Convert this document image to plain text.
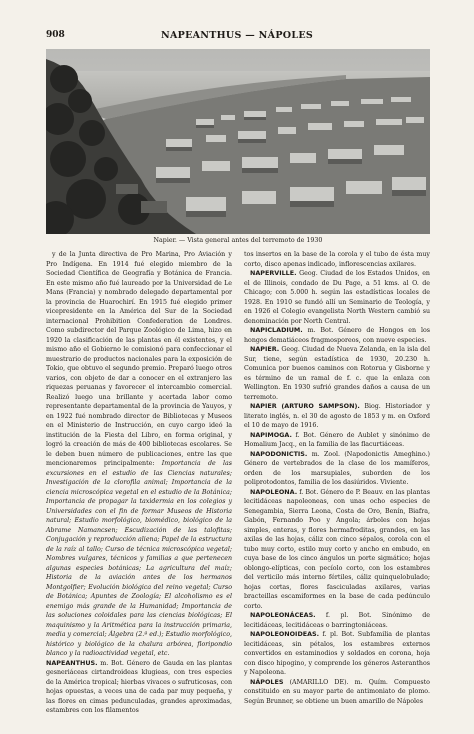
908	NAPEANTHUS — NÁPOLES
Napier. — Vista general antes del terremoto de 1930

y de la Junta directiva de Pro Marina, Pro Aviación y Pro Indígena. En 1914 fué elegido miembro de la Sociedad Científica de Geografía y Botánica de Francia. En este mismo año fué laureado por la Universidad de Le Mans (Francia) y nombrado delegado departamental por la provincia de Huarochirí. En 1915 fué elegido primer vicepresidente en la América del Sur de la Sociedad internacional Prohibition Confederation de Londres. Como subdirector del Parque Zoológico de Lima, hizo en 1920 la clasificación de las plantas en él existentes, y el mismo año el Gobierno le comisionó para confeccionar el muestrario de productos nacionales para la exposición de Tokio, que obtuvo el segundo premio. Preparó luego otros varios, con objeto de dar a conocer en el extranjero las riquezas peruanas y favorecer el intercambio comercial. Realizó luego una brillante y acertada labor como representante departamental de la provincia de Yauyos, y en 1922 fué nombrado director de Bibliotecas y Museos en el Ministerio de Instrucción, en cuyo cargo ideó la institución de la Fiesta del Libro, en forma original, y logró la creación de más de 400 bibliotecas escolares. Se le deben buen número de publicaciones, entre las que mencionaremos principalmente: Importancia de las excursiones en el estudio de las Ciencias naturales; Investigación de la clorofila animal; Importancia de la ciencia microscópica vegetal en el estudio de la Botánica; Importancia de propagar la taxidermia en los colegios y Universidades con el fin de formar Museos de Historia natural; Estudio morfológico, biomédico, biológico de la Abrame Namancsen; Escudización de las talofitas; Conjugación y reproducción aliena; Papel de la estructura de la raíz al tallo; Curso de técnica microscópica vegetal; Nombres vulgares, técnicos y familias a que pertenecen algunas especies botánicas; La agricultura del maíz; Historia de la aviación antes de los hermanos Montgolfier; Evolución biológica del reino vegetal; Curso de Botánica; Apuntes de Zoología; El alcoholismo es el enemigo más grande de la Humanidad; Importancia de las soluciones coloidales para las ciencias biológicas; El maquinismo y la Aritmética para la instrucción primaria, media y comercial; Álgebra (2.ª ed.); Estudio morfológico, histórico y biológico de la chalura arbórea, floripondio blanco y la radioactividad vegetal, etc.

NAPEANTHUS. m. Bot. Género de Gauda en las plantas gesneriáceas cirtandroideas klugieas, con tres especies de la América tropical; hierbas vivaces o sufruticosas, con hojas opuestas, a veces una de cada par muy pequeña, y las flores en cimas pedunculadas, grandes aproximadas, estambres con los filamentos

tos insertos en la base de la corola y el tubo de ésta muy corto, disco apenas indicado, inflorescencias axilares.

NAPERVILLE. Geog. Ciudad de los Estados Unidos, en el de Illinois, condado de Du Page, a 51 kms. al O. de Chicago; con 5.000 h. según las estadísticas locales de 1928. En 1910 se fundó allí un Seminario de Teología, y en 1926 el Colegio evangelista North Western cambió su denominación por North Central.

NAPICLADIUM. m. Bot. Género de Hongos en los hongos dematiáceos fragmosporeos, con nueve especies.

NAPIER. Geog. Ciudad de Nueva Zelanda, en la isla del Sur, tiene, según estadística de 1930, 20.230 h. Comunica por buenos caminos con Rotorua y Gisborne y es término de un ramal de f. c. que la enlaza con Wellington. En 1930 sufrió grandes daños a causa de un terremoto.

NAPIER (ARTURO SAMPSON). Biog. Historiador y literato inglés, n. el 30 de agosto de 1853 y m. en Oxford el 10 de mayo de 1916.

NAPIMOGA. f. Bot. Género de Aublet y sinónimo de Homalium Jacq., en la familia de las flacurtiáceas.

NAPODONICTIS. m. Zool. (Napodonictis Ameghino.) Género de vertebrados de la clase de los mamíferos, orden de los marsupiales, suborden de los poliprotodontos, familia de los dasiúridos. Viviente.

NAPOLEONA. f. Bot. Género de P. Beauv. en las plantas lecitidáceas napoleoneas, con unas ocho especies de Senegambia, Sierra Leona, Costa de Oro, Benín, Biafra, Gabón, Fernando Poo y Angola; árboles con hojas simples, enteras, y flores hermafroditas, grandes, en las axilas de las hojas, cáliz con cinco sépalos, corola con el tubo muy corto, estilo muy corto y ancho en embudo, en cuya base de los cinco ángulos un porte sigmático; hojas oblongo-elípticas, con pecíolo corto, con los estambres del verticilo más interno fértiles, cáliz quinquelobulado; hojas cortas, flores fasciculadas axilares, varias bracteillas escamiformes en la base de cada pedúnculo corto.

NAPOLEONÁCEAS. f. pl. Bot. Sinónimo de lecitidáceas, lecitidáceas o barringtoniáceas.

NAPOLEONOIDEAS. f. pl. Bot. Subfamilia de plantas lecitidáceas, sin pétalos, los estambres externos convertidos en estaminodios y soldados en corona, hoja con disco hipogino, y comprende los géneros Asteranthos y Napoleona.

NÁPOLES (AMARILLO DE). m. Quím. Compuesto constituido en su mayor parte de antimoniato de plomo. Según Brunner, se obtiene un buen amarillo de Nápoles
